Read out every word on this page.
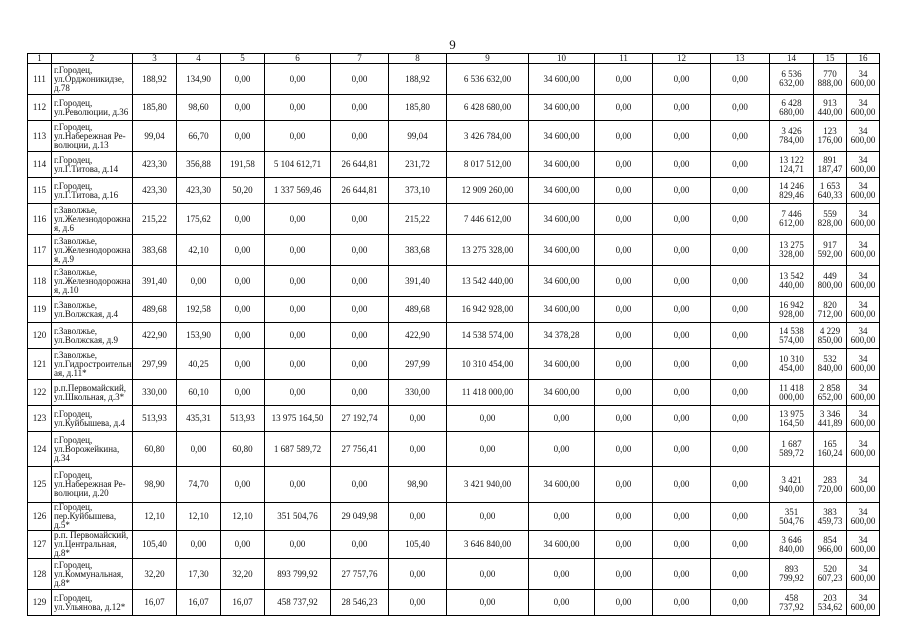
9
1	2	3	4	5	6	7	8	9	10	11	12	13	14	15	16
111	г.Городец, ул.Орджоникидзе, д.78	188,92	134,90	0,00	0,00	0,00	188,92	6 536 632,00	34 600,00	0,00	0,00	0,00	6 536 632,00	770 888,00	34 600,00
112	г.Городец, ул.Революции, д.36	185,80	98,60	0,00	0,00	0,00	185,80	6 428 680,00	34 600,00	0,00	0,00	0,00	6 428 680,00	913 440,00	34 600,00
113	г.Городец, ул.Набережная Ре-волюции, д.13	99,04	66,70	0,00	0,00	0,00	99,04	3 426 784,00	34 600,00	0,00	0,00	0,00	3 426 784,00	123 176,00	34 600,00
114	г.Городец, ул.Г.Титова, д.14	423,30	356,88	191,58	5 104 612,71	26 644,81	231,72	8 017 512,00	34 600,00	0,00	0,00	0,00	13 122 124,71	891 187,47	34 600,00
115	г.Городец, ул.Г.Титова, д.16	423,30	423,30	50,20	1 337 569,46	26 644,81	373,10	12 909 260,00	34 600,00	0,00	0,00	0,00	14 246 829,46	1 653 640,33	34 600,00
116	г.Заволжье, ул.Железнодорожна я, д.6	215,22	175,62	0,00	0,00	0,00	215,22	7 446 612,00	34 600,00	0,00	0,00	0,00	7 446 612,00	559 828,00	34 600,00
117	г.Заволжье, ул.Железнодорожна я, д.9	383,68	42,10	0,00	0,00	0,00	383,68	13 275 328,00	34 600,00	0,00	0,00	0,00	13 275 328,00	917 592,00	34 600,00
118	г.Заволжье, ул.Железнодорожна я, д.10	391,40	0,00	0,00	0,00	0,00	391,40	13 542 440,00	34 600,00	0,00	0,00	0,00	13 542 440,00	449 800,00	34 600,00
119	г.Заволжье, ул.Волжская, д.4	489,68	192,58	0,00	0,00	0,00	489,68	16 942 928,00	34 600,00	0,00	0,00	0,00	16 942 928,00	820 712,00	34 600,00
120	г.Заволжье, ул.Волжская, д.9	422,90	153,90	0,00	0,00	0,00	422,90	14 538 574,00	34 378,28	0,00	0,00	0,00	14 538 574,00	4 229 850,00	34 600,00
121	г.Заволжье, ул.Гидростроительн ая, д.11*	297,99	40,25	0,00	0,00	0,00	297,99	10 310 454,00	34 600,00	0,00	0,00	0,00	10 310 454,00	532 840,00	34 600,00
122	р.п.Первомайский, ул.Школьная, д.3*	330,00	60,10	0,00	0,00	0,00	330,00	11 418 000,00	34 600,00	0,00	0,00	0,00	11 418 000,00	2 858 652,00	34 600,00
123	г.Городец, ул.Куйбышева, д.4	513,93	435,31	513,93	13 975 164,50	27 192,74	0,00	0,00	0,00	0,00	0,00	0,00	13 975 164,50	3 346 441,89	34 600,00
124	г.Городец, ул.Ворожейкина, д.34	60,80	0,00	60,80	1 687 589,72	27 756,41	0,00	0,00	0,00	0,00	0,00	0,00	1 687 589,72	165 160,24	34 600,00
125	г.Городец, ул.Набережная Ре-волюции, д.20	98,90	74,70	0,00	0,00	0,00	98,90	3 421 940,00	34 600,00	0,00	0,00	0,00	3 421 940,00	283 720,00	34 600,00
126	г.Городец, пер.Куйбышева, д.5*	12,10	12,10	12,10	351 504,76	29 049,98	0,00	0,00	0,00	0,00	0,00	0,00	351 504,76	383 459,73	34 600,00
127	р.п. Первомайский, ул.Центральная, д.8*	105,40	0,00	0,00	0,00	0,00	105,40	3 646 840,00	34 600,00	0,00	0,00	0,00	3 646 840,00	854 966,00	34 600,00
128	г.Городец, ул.Коммунальная, д.8*	32,20	17,30	32,20	893 799,92	27 757,76	0,00	0,00	0,00	0,00	0,00	0,00	893 799,92	520 607,23	34 600,00
129	г.Городец, ул.Ульянова, д.12*	16,07	16,07	16,07	458 737,92	28 546,23	0,00	0,00	0,00	0,00	0,00	0,00	458 737,92	203 534,62	34 600,00
